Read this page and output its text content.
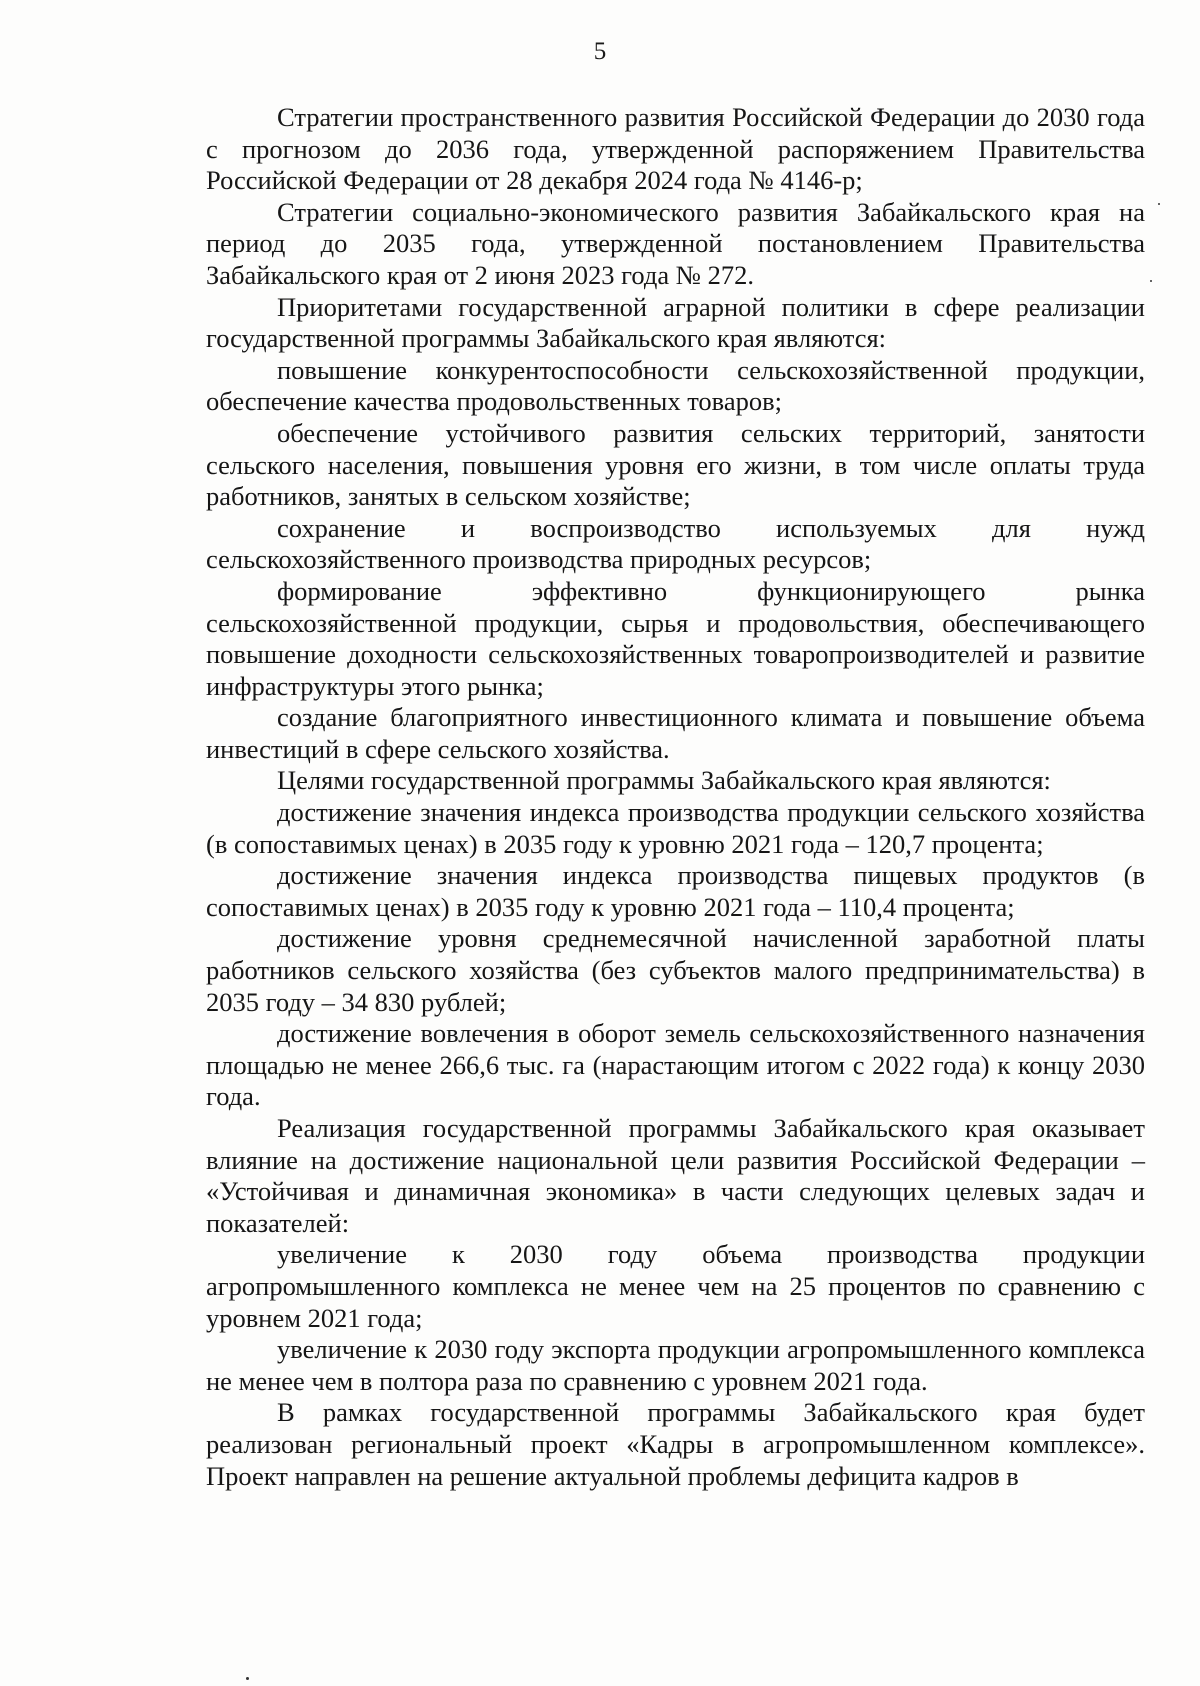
5

Стратегии пространственного развития Российской Федерации до 2030 года с прогнозом до 2036 года, утвержденной распоряжением Правительства Российской Федерации от 28 декабря 2024 года № 4146-р;

Стратегии социально-экономического развития Забайкальского края на период до 2035 года, утвержденной постановлением Правительства Забайкальского края от 2 июня 2023 года № 272.

Приоритетами государственной аграрной политики в сфере реализации государственной программы Забайкальского края являются:

повышение конкурентоспособности сельскохозяйственной продукции, обеспечение качества продовольственных товаров;

обеспечение устойчивого развития сельских территорий, занятости сельского населения, повышения уровня его жизни, в том числе оплаты труда работников, занятых в сельском хозяйстве;

сохранение и воспроизводство используемых для нужд сельскохозяйственного производства природных ресурсов;

формирование эффективно функционирующего рынка сельскохозяйственной продукции, сырья и продовольствия, обеспечивающего повышение доходности сельскохозяйственных товаропроизводителей и развитие инфраструктуры этого рынка;

создание благоприятного инвестиционного климата и повышение объема инвестиций в сфере сельского хозяйства.

Целями государственной программы Забайкальского края являются:

достижение значения индекса производства продукции сельского хозяйства (в сопоставимых ценах) в 2035 году к уровню 2021 года – 120,7 процента;

достижение значения индекса производства пищевых продуктов (в сопоставимых ценах) в 2035 году к уровню 2021 года – 110,4 процента;

достижение уровня среднемесячной начисленной заработной платы работников сельского хозяйства (без субъектов малого предпринимательства) в 2035 году – 34 830 рублей;

достижение вовлечения в оборот земель сельскохозяйственного назначения площадью не менее 266,6 тыс. га (нарастающим итогом с 2022 года) к концу 2030 года.

Реализация государственной программы Забайкальского края оказывает влияние на достижение национальной цели развития Российской Федерации – «Устойчивая и динамичная экономика» в части следующих целевых задач и показателей:

увеличение к 2030 году объема производства продукции агропромышленного комплекса не менее чем на 25 процентов по сравнению с уровнем 2021 года;

увеличение к 2030 году экспорта продукции агропромышленного комплекса не менее чем в полтора раза по сравнению с уровнем 2021 года.

В рамках государственной программы Забайкальского края будет реализован региональный проект «Кадры в агропромышленном комплексе». Проект направлен на решение актуальной проблемы дефицита кадров в
